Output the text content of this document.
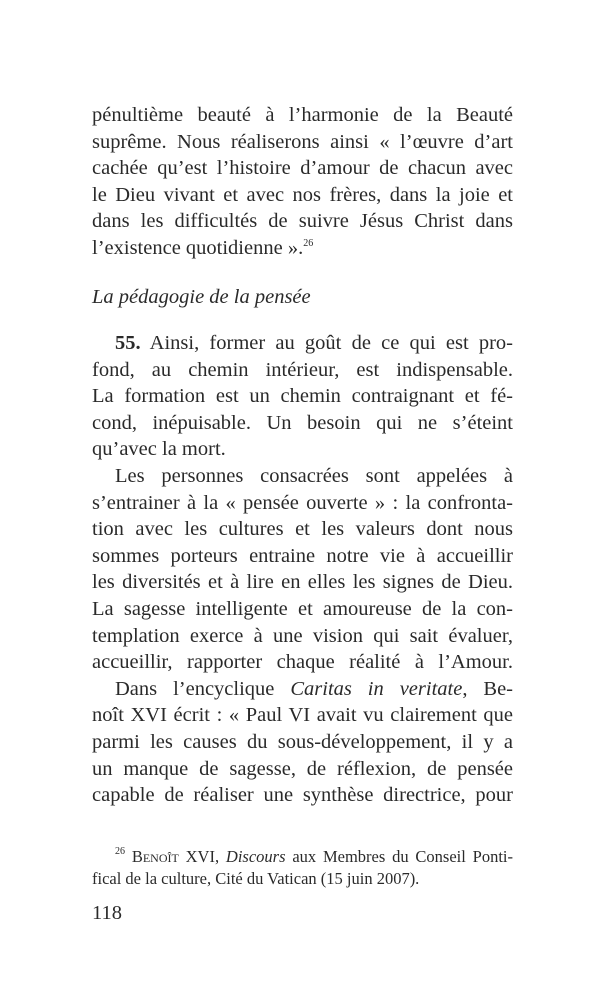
pénultième beauté à l’harmonie de la Beauté
suprême. Nous réaliserons ainsi « l’œuvre d’art
cachée qu’est l’histoire d’amour de chacun avec
le Dieu vivant et avec nos frères, dans la joie et
dans les difficultés de suivre Jésus Christ dans
l’existence quotidienne ».$^{26}$
La pédagogie de la pensée
55. Ainsi, former au goût de ce qui est pro-
fond, au chemin intérieur, est indispensable.
La formation est un chemin contraignant et fé-
cond, inépuisable. Un besoin qui ne s’éteint
qu’avec la mort.
Les personnes consacrées sont appelées à
s’entrainer à la « pensée ouverte » : la confronta-
tion avec les cultures et les valeurs dont nous
sommes porteurs entraine notre vie à accueillir
les diversités et à lire en elles les signes de Dieu.
La sagesse intelligente et amoureuse de la con-
templation exerce à une vision qui sait évaluer,
accueillir, rapporter chaque réalité à l’Amour.
Dans l’encyclique Caritas in veritate, Be-
noît XVI écrit : « Paul VI avait vu clairement que
parmi les causes du sous-développement, il y a
un manque de sagesse, de réflexion, de pensée
capable de réaliser une synthèse directrice, pour
$^{26}$ Benoît XVI, Discours aux Membres du Conseil Ponti-
fical de la culture, Cité du Vatican (15 juin 2007).
118
